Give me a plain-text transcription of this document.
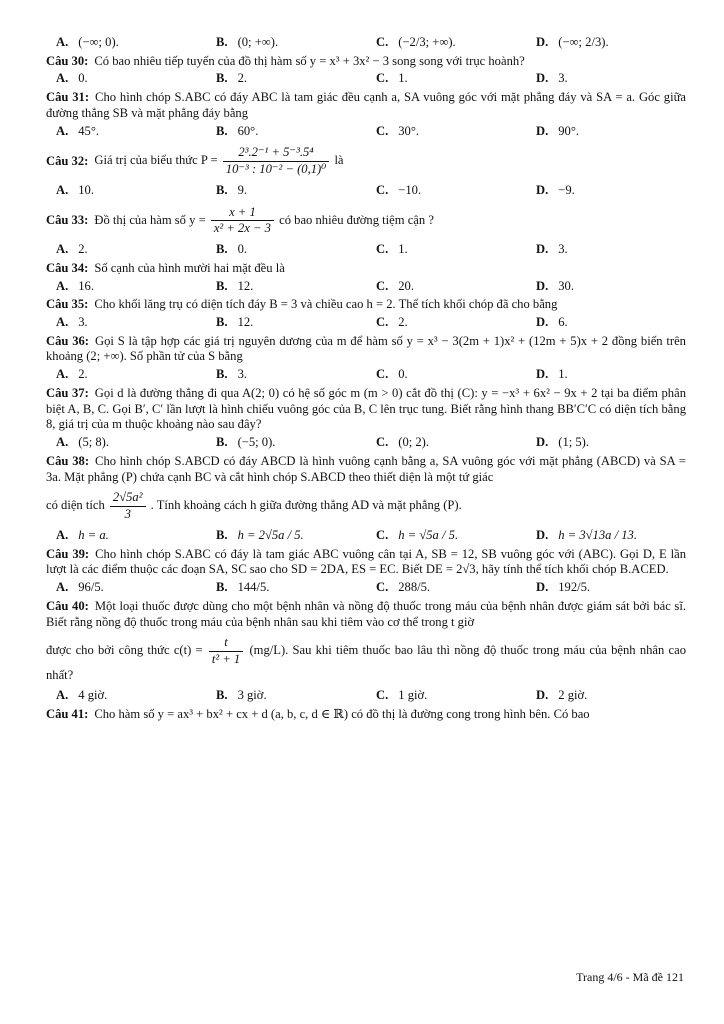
A. (−∞; 0).	B. (0; +∞).	C. (−2/3; +∞).	D. (−∞; 2/3).
Câu 30: Có bao nhiêu tiếp tuyến của đồ thị hàm số y = x³ + 3x² − 3 song song với trục hoành?
A. 0.	B. 2.	C. 1.	D. 3.
Câu 31: Cho hình chóp S.ABC có đáy ABC là tam giác đều cạnh a, SA vuông góc với mặt phẳng đáy và SA = a. Góc giữa đường thẳng SB và mặt phẳng đáy bằng
A. 45°.	B. 60°.	C. 30°.	D. 90°.
Câu 32: Giá trị của biểu thức $P = \frac{\text{2³.2⁻¹ + 5⁻³.5⁴}}{\text{10⁻³ : 10⁻² − (0,1)⁰}}$ là
A. 10.	B. 9.	C. −10.	D. −9.
Câu 33: Đồ thị của hàm số $y = \frac{x + 1}{\text{x² + 2x − 3}}$ có bao nhiêu đường tiệm cận ?
A. 2.	B. 0.	C. 1.	D. 3.
Câu 34: Số cạnh của hình mười hai mặt đều là
A. 16.	B. 12.	C. 20.	D. 30.
Câu 35: Cho khối lăng trụ có diện tích đáy B = 3 và chiều cao h = 2. Thể tích khối chóp đã cho bằng
A. 3.	B. 12.	C. 2.	D. 6.
Câu 36: Gọi S là tập hợp các giá trị nguyên dương của m để hàm số y = x³ − 3(2m + 1)x² + (12m + 5)x + 2 đồng biến trên khoảng (2; +∞). Số phần tử của S bằng
A. 2.	B. 3.	C. 0.	D. 1.
Câu 37: Gọi d là đường thẳng đi qua A(2; 0) có hệ số góc m (m > 0) cắt đồ thị (C): y = −x³ + 6x² − 9x + 2 tại ba điểm phân biệt A, B, C. Gọi B′, C′ lần lượt là hình chiếu vuông góc của B, C lên trục tung. Biết rằng hình thang BB′C′C có diện tích bằng 8, giá trị của m thuộc khoảng nào sau đây?
A. (5; 8).	B. (−5; 0).	C. (0; 2).	D. (1; 5).
Câu 38: Cho hình chóp S.ABCD có đáy ABCD là hình vuông cạnh bằng a, SA vuông góc với mặt phẳng (ABCD) và SA = 3a. Mặt phẳng (P) chứa cạnh BC và cắt hình chóp S.ABCD theo thiết diện là một tứ giác
có diện tích $\frac{\text{2√5a²}}{3}$ . Tính khoảng cách h giữa đường thẳng AD và mặt phẳng (P).
A. h = a.	B. h = 2√5a / 5.	C. h = √5a / 5.	D. h = 3√13a / 13.
Câu 39: Cho hình chóp S.ABC có đáy là tam giác ABC vuông cân tại A, SB = 12, SB vuông góc với (ABC). Gọi D, E lần lượt là các điểm thuộc các đoạn SA, SC sao cho SD = 2DA, ES = EC. Biết DE = 2√3, hãy tính thể tích khối chóp B.ACED.
A. 96/5.	B. 144/5.	C. 288/5.	D. 192/5.
Câu 40: Một loại thuốc được dùng cho một bệnh nhân và nồng độ thuốc trong máu của bệnh nhân được giám sát bởi bác sĩ. Biết rằng nồng độ thuốc trong máu của bệnh nhân sau khi tiêm vào cơ thể trong t giờ
được cho bởi công thức $c(t) = \frac{t}{\text{t² + 1}} (mg/L)$. Sau khi tiêm thuốc bao lâu thì nồng độ thuốc trong máu của bệnh nhân cao nhất?
A. 4 giờ.	B. 3 giờ.	C. 1 giờ.	D. 2 giờ.
Câu 41: Cho hàm số y = ax³ + bx² + cx + d (a, b, c, d ∈ ℝ) có đồ thị là đường cong trong hình bên. Có bao
Trang 4/6 - Mã đề 121
